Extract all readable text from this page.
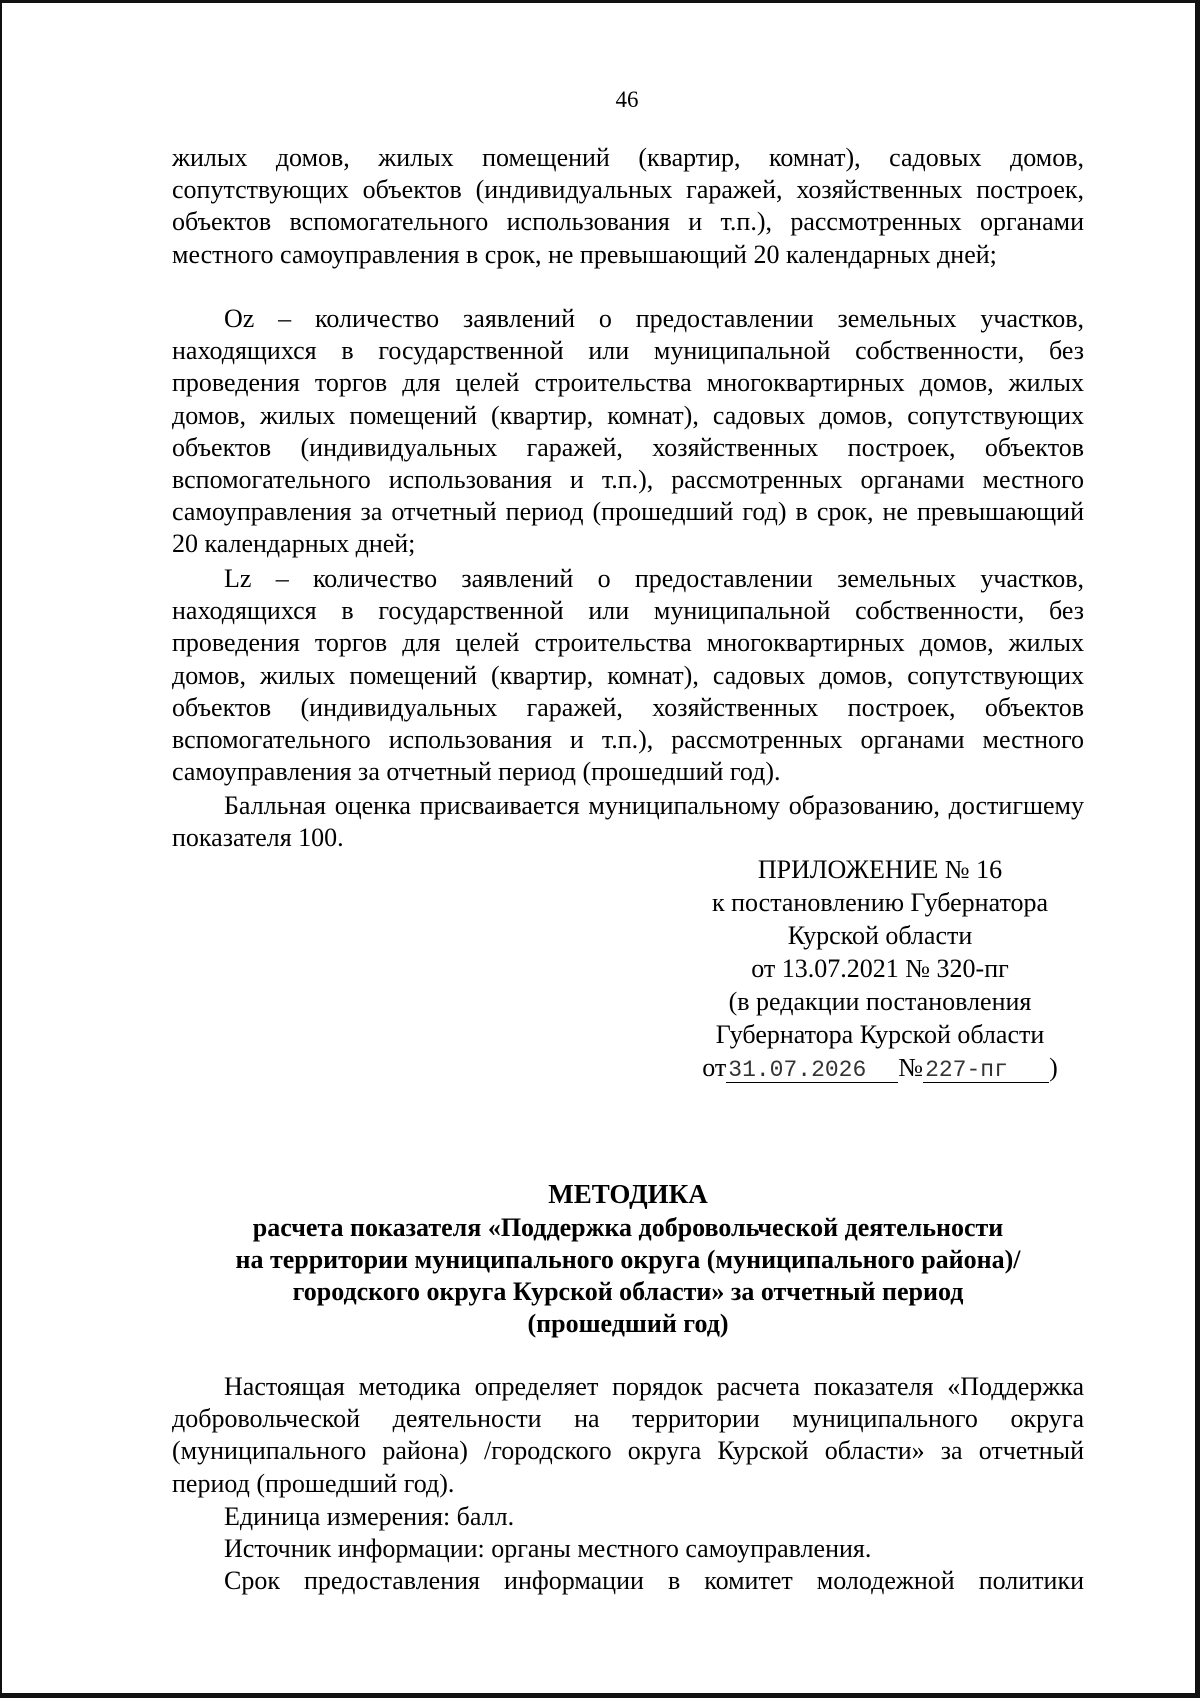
46

жилых домов, жилых помещений (квартир, комнат), садовых домов, сопутствующих объектов (индивидуальных гаражей, хозяйственных построек, объектов вспомогательного использования и т.п.), рассмотренных органами местного самоуправления в срок, не превышающий 20 календарных дней;

Oz – количество заявлений о предоставлении земельных участков, находящихся в государственной или муниципальной собственности, без проведения торгов для целей строительства многоквартирных домов, жилых домов, жилых помещений (квартир, комнат), садовых домов, сопутствующих объектов (индивидуальных гаражей, хозяйственных построек, объектов вспомогательного использования и т.п.), рассмотренных органами местного самоуправления за отчетный период (прошедший год) в срок, не превышающий 20 календарных дней;

Lz – количество заявлений о предоставлении земельных участков, находящихся в государственной или муниципальной собственности, без проведения торгов для целей строительства многоквартирных домов, жилых домов, жилых помещений (квартир, комнат), садовых домов, сопутствующих объектов (индивидуальных гаражей, хозяйственных построек, объектов вспомогательного использования и т.п.), рассмотренных органами местного самоуправления за отчетный период (прошедший год).

Балльная оценка присваивается муниципальному образованию, достигшему показателя 100.

ПРИЛОЖЕНИЕ № 16
к постановлению Губернатора
Курской области
от 13.07.2021 № 320-пг
(в редакции постановления
Губернатора Курской области
от31.07.2026 №227-пг )
МЕТОДИКА
расчета показателя «Поддержка добровольческой деятельности
на территории муниципального округа (муниципального района)/
городского округа Курской области» за отчетный период
(прошедший год)

Настоящая методика определяет порядок расчета показателя «Поддержка добровольческой деятельности на территории муниципального округа (муниципального района) /городского округа Курской области» за отчетный период (прошедший год).

Единица измерения: балл.

Источник информации: органы местного самоуправления.

Срок предоставления информации в комитет молодежной политики
